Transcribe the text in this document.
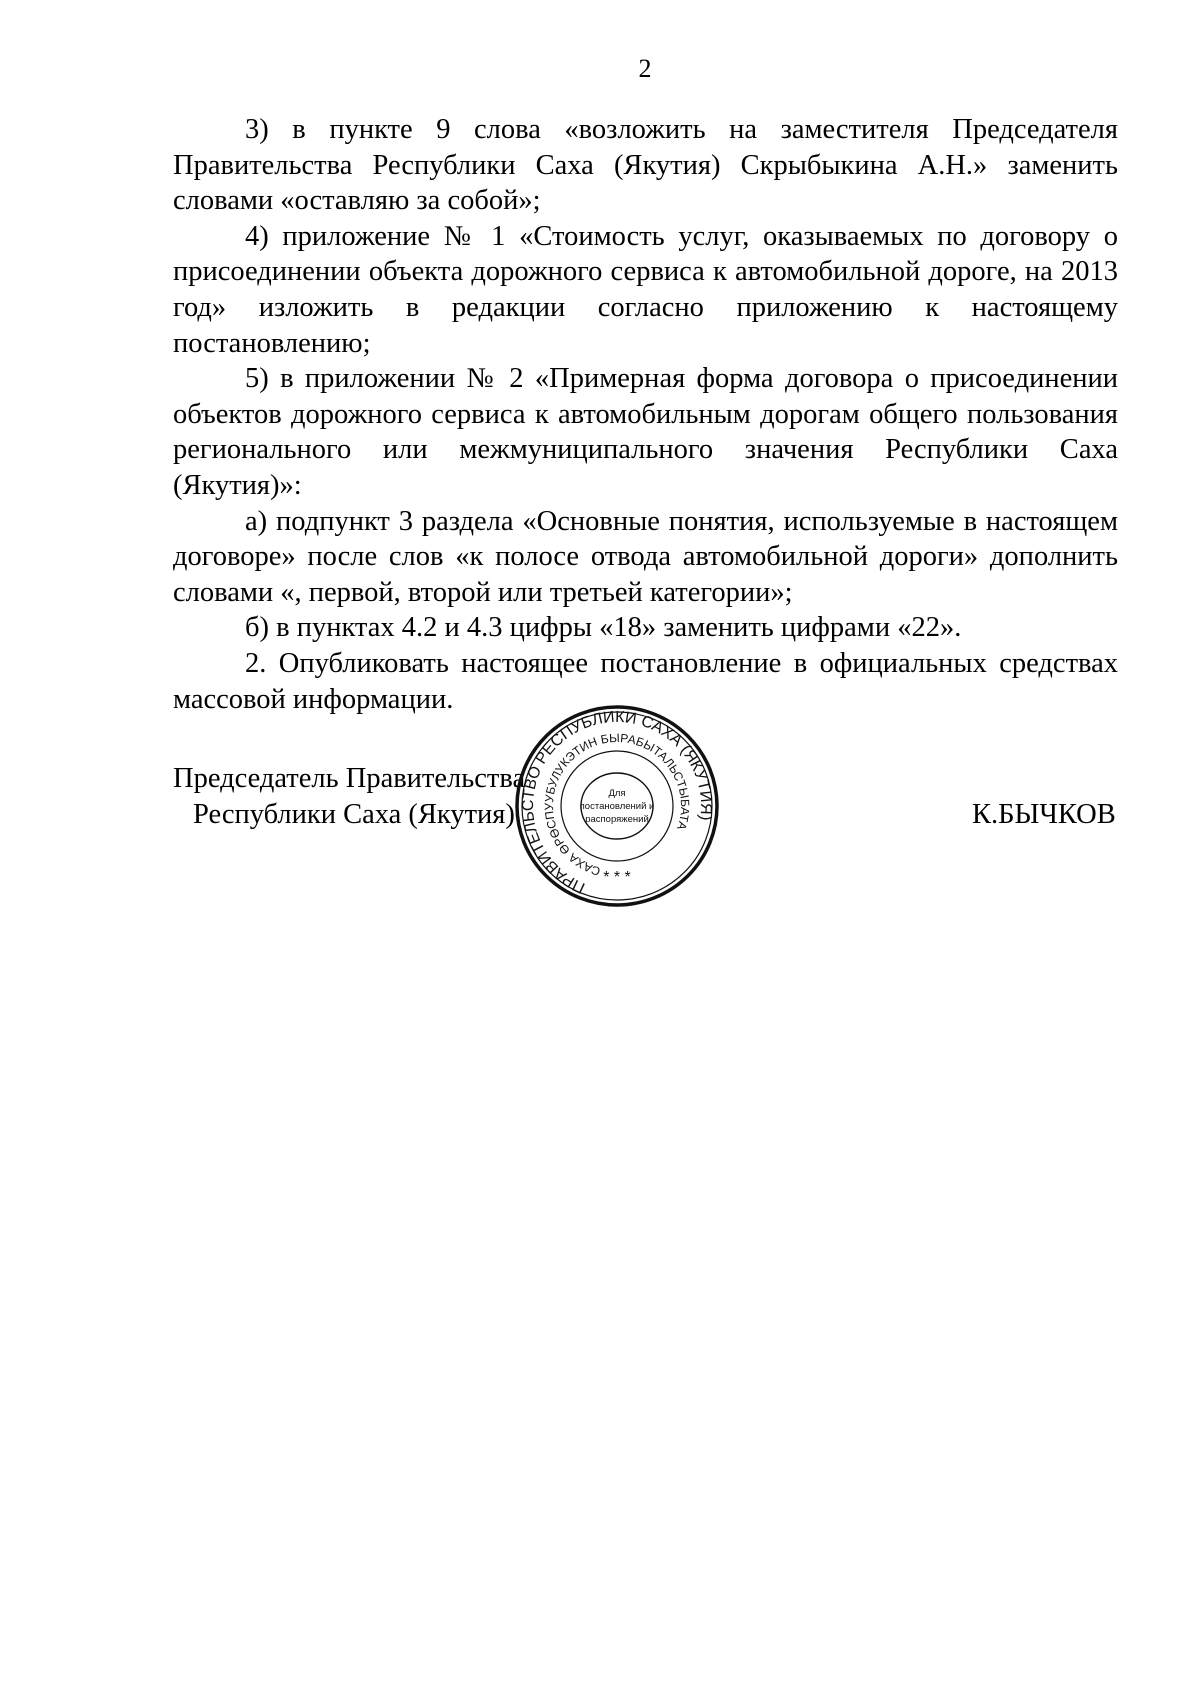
2

3) в пункте 9 слова «возложить на заместителя Председателя Правительства Республики Саха (Якутия) Скрыбыкина А.Н.» заменить словами «оставляю за собой»;

4) приложение № 1 «Стоимость услуг, оказываемых по договору о присоединении объекта дорожного сервиса к автомобильной дороге, на 2013 год» изложить в редакции согласно приложению к настоящему постановлению;

5) в приложении № 2 «Примерная форма договора о присоединении объектов дорожного сервиса к автомобильным дорогам общего пользования регионального или межмуниципального значения Республики Саха (Якутия)»:

а) подпункт 3 раздела «Основные понятия, используемые в настоящем договоре» после слов «к полосе отвода автомобильной дороги» дополнить словами «, первой, второй или третьей категории»;

б) в пунктах 4.2 и 4.3 цифры «18» заменить цифрами «22».

2. Опубликовать настоящее постановление в официальных средствах массовой информации.

Председатель Правительства
Республики Саха (Якутия)	К.БЫЧКОВ
ПРАВИТЕЛЬСТВО РЕСПУБЛИКИ САХА (ЯКУТИЯ)
САХА ӨРӨСПУУБУЛУКЭТИН БЫРАБЫТАЛЬСТЫБАТА
Для
постановлений и
распоряжений
* * *
